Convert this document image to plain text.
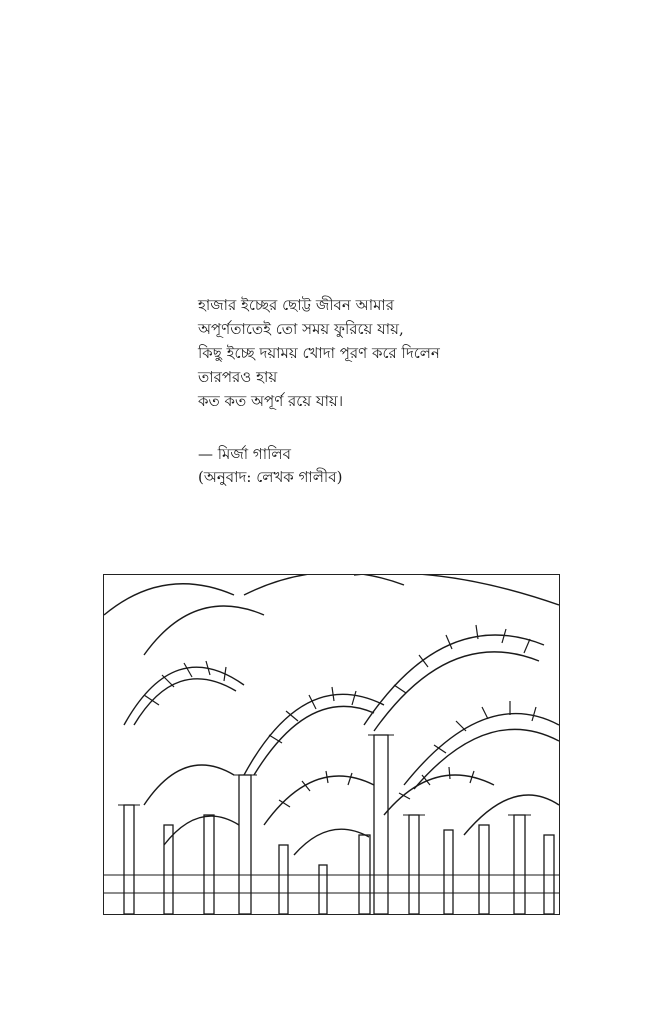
হাজার ইচ্ছের ছোট্ট জীবন আমার
অপূর্ণতাতেই তো সময় ফুরিয়ে যায়,
কিছু ইচ্ছে দয়াময় খোদা পূরণ করে দিলেন
তারপরও হায়
কত কত অপূর্ণ রয়ে যায়।
— মির্জা গালিব
(অনুবাদ: লেখক গালীব)
